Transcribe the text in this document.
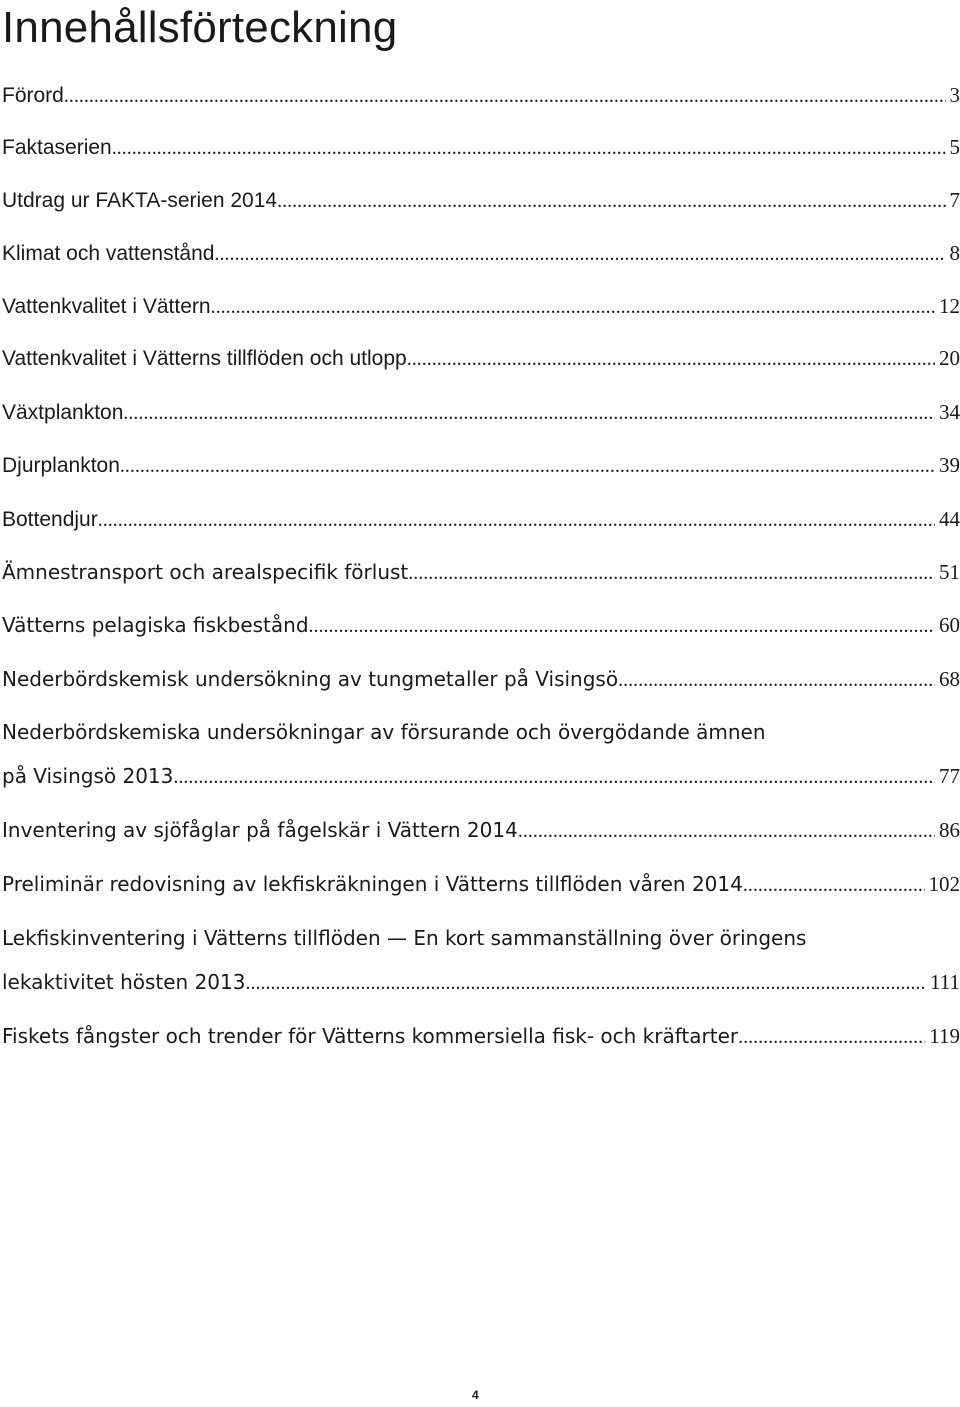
Innehållsförteckning
Förord .....	3
Faktaserien .....	5
Utdrag ur FAKTA-serien 2014 .....	7
Klimat och vattenstånd .....	8
Vattenkvalitet i Vättern .....	12
Vattenkvalitet i Vätterns tillflöden och utlopp .....	20
Växtplankton .....	34
Djurplankton .....	39
Bottendjur .....	44
Ämnestransport och arealspecifik förlust .....	51
Vätterns pelagiska fiskbestånd .....	60
Nederbördskemisk undersökning av tungmetaller på Visingsö .....	68
Nederbördskemiska undersökningar av försurande och övergödande ämnen
på Visingsö 2013 .....	77
Inventering av sjöfåglar på fågelskär i Vättern 2014 .....	86
Preliminär redovisning av lekfiskräkningen i Vätterns tillflöden våren 2014 .....	102
Lekfiskinventering i Vätterns tillflöden — En kort sammanställning över öringens
lekaktivitet hösten 2013 .....	111
Fiskets fångster och trender för Vätterns kommersiella fisk- och kräftarter .....	119
4
